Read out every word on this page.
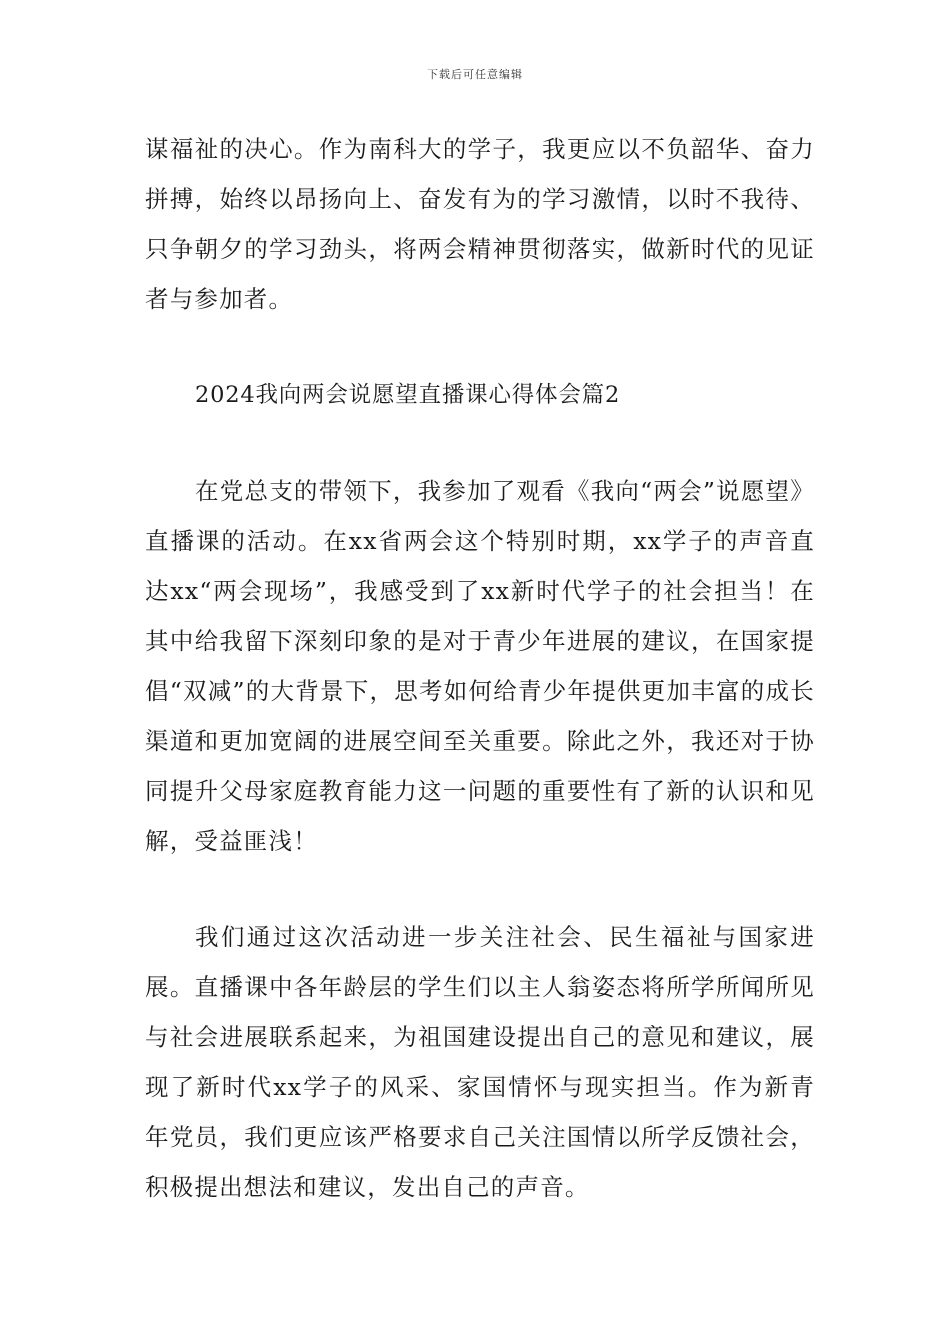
下载后可任意编辑

谋福祉的决心。作为南科大的学子，我更应以不负韶华、奋力拼搏，始终以昂扬向上、奋发有为的学习激情，以时不我待、只争朝夕的学习劲头，将两会精神贯彻落实，做新时代的见证者与参加者。

2024我向两会说愿望直播课心得体会篇2

在党总支的带领下，我参加了观看《我向“两会”说愿望》直播课的活动。在xx省两会这个特别时期，xx学子的声音直达xx“两会现场”，我感受到了xx新时代学子的社会担当！在其中给我留下深刻印象的是对于青少年进展的建议，在国家提倡“双减”的大背景下，思考如何给青少年提供更加丰富的成长渠道和更加宽阔的进展空间至关重要。除此之外，我还对于协同提升父母家庭教育能力这一问题的重要性有了新的认识和见解，受益匪浅！

我们通过这次活动进一步关注社会、民生福祉与国家进展。直播课中各年龄层的学生们以主人翁姿态将所学所闻所见与社会进展联系起来，为祖国建设提出自己的意见和建议，展现了新时代xx学子的风采、家国情怀与现实担当。作为新青年党员，我们更应该严格要求自己关注国情以所学反馈社会，积极提出想法和建议，发出自己的声音。
